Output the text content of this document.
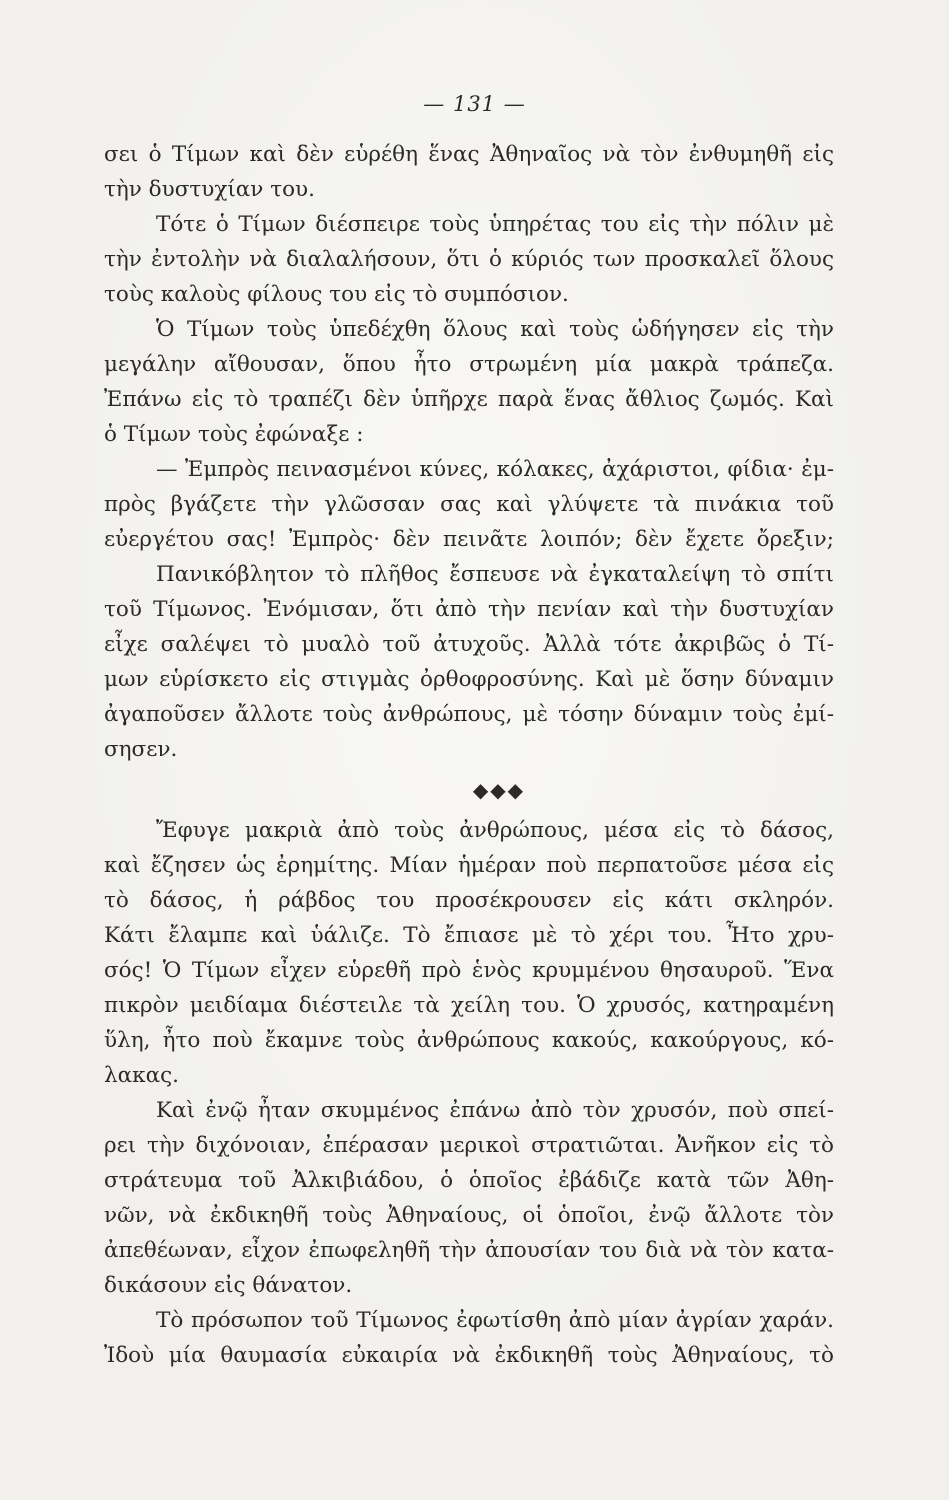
— 131 —
σει ὁ Τίμων καὶ δὲν εὑρέθη ἕνας Ἀθηναῖος νὰ τὸν ἐνθυμηθῆ εἰς
τὴν δυστυχίαν του.
Τότε ὁ Τίμων διέσπειρε τοὺς ὑπηρέτας του εἰς τὴν πόλιν μὲ
τὴν ἐντολὴν νὰ διαλαλήσουν, ὅτι ὁ κύριός των προσκαλεῖ ὅλους
τοὺς καλοὺς φίλους του εἰς τὸ συμπόσιον.
Ὁ Τίμων τοὺς ὑπεδέχθη ὅλους καὶ τοὺς ὡδήγησεν εἰς τὴν
μεγάλην αἴθουσαν, ὅπου ἦτο στρωμένη μία μακρὰ τράπεζα.
Ἐπάνω εἰς τὸ τραπέζι δὲν ὑπῆρχε παρὰ ἕνας ἄθλιος ζωμός. Καὶ
ὁ Τίμων τοὺς ἐφώναξε :
— Ἐμπρὸς πεινασμένοι κύνες, κόλακες, ἀχάριστοι, φίδια· ἐμ-
πρὸς βγάζετε τὴν γλῶσσαν σας καὶ γλύψετε τὰ πινάκια τοῦ
εὐεργέτου σας! Ἐμπρὸς· δὲν πεινᾶτε λοιπόν; δὲν ἔχετε ὄρεξιν;
Πανικόβλητον τὸ πλῆθος ἔσπευσε νὰ ἐγκαταλείψη τὸ σπίτι
τοῦ Τίμωνος. Ἐνόμισαν, ὅτι ἀπὸ τὴν πενίαν καὶ τὴν δυστυχίαν
εἶχε σαλέψει τὸ μυαλὸ τοῦ ἀτυχοῦς. Ἀλλὰ τότε ἀκριβῶς ὁ Τί-
μων εὑρίσκετο εἰς στιγμὰς ὀρθοφροσύνης. Καὶ μὲ ὅσην δύναμιν
ἀγαποῦσεν ἄλλοτε τοὺς ἀνθρώπους, μὲ τόσην δύναμιν τοὺς ἐμί-
σησεν.
◆◆◆
Ἔφυγε μακριὰ ἀπὸ τοὺς ἀνθρώπους, μέσα εἰς τὸ δάσος,
καὶ ἔζησεν ὡς ἐρημίτης. Μίαν ἡμέραν ποὺ περπατοῦσε μέσα εἰς
τὸ δάσος, ἡ ράβδος του προσέκρουσεν εἰς κάτι σκληρόν.
Κάτι ἔλαμπε καὶ ὑάλιζε. Τὸ ἔπιασε μὲ τὸ χέρι του. Ἦτο χρυ-
σός! Ὁ Τίμων εἶχεν εὑρεθῆ πρὸ ἑνὸς κρυμμένου θησαυροῦ. Ἕνα
πικρὸν μειδίαμα διέστειλε τὰ χείλη του. Ὁ χρυσός, κατηραμένη
ὕλη, ἦτο ποὺ ἔκαμνε τοὺς ἀνθρώπους κακούς, κακούργους, κό-
λακας.
Καὶ ἐνῷ ἦταν σκυμμένος ἐπάνω ἀπὸ τὸν χρυσόν, ποὺ σπεί-
ρει τὴν διχόνοιαν, ἐπέρασαν μερικοὶ στρατιῶται. Ἀνῆκον εἰς τὸ
στράτευμα τοῦ Ἀλκιβιάδου, ὁ ὁποῖος ἐβάδιζε κατὰ τῶν Ἀθη-
νῶν, νὰ ἐκδικηθῆ τοὺς Ἀθηναίους, οἱ ὁποῖοι, ἐνῷ ἄλλοτε τὸν
ἀπεθέωναν, εἶχον ἐπωφεληθῆ τὴν ἀπουσίαν του διὰ νὰ τὸν κατα-
δικάσουν εἰς θάνατον.
Τὸ πρόσωπον τοῦ Τίμωνος ἐφωτίσθη ἀπὸ μίαν ἀγρίαν χαράν.
Ἰδοὺ μία θαυμασία εὐκαιρία νὰ ἐκδικηθῆ τοὺς Ἀθηναίους, τὸ
